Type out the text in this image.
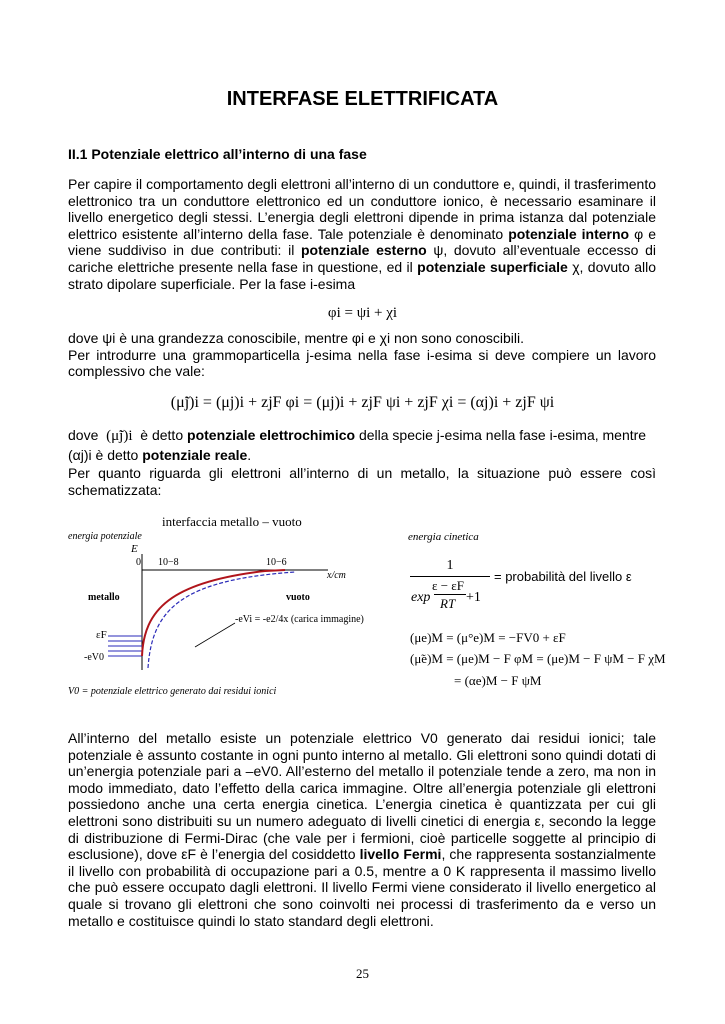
INTERFASE ELETTRIFICATA
II.1 Potenziale elettrico all’interno di una fase
Per capire il comportamento degli elettroni all’interno di un conduttore e, quindi, il trasferimento elettronico tra un conduttore elettronico ed un conduttore ionico, è necessario esaminare il livello energetico degli stessi. L’energia degli elettroni dipende in prima istanza dal potenziale elettrico esistente all’interno della fase. Tale potenziale è denominato potenziale interno φ e viene suddiviso in due contributi: il potenziale esterno ψ, dovuto all’eventuale eccesso di cariche elettriche presente nella fase in questione, ed il potenziale superficiale χ, dovuto allo strato dipolare superficiale. Per la fase i-esima
φi = ψi + χi
dove ψi è una grandezza conoscibile, mentre φi e χi non sono conoscibili.
Per introdurre una grammoparticella j-esima nella fase i-esima si deve compiere un lavoro complessivo che vale:
(μ̃j)i = (μj)i + zjF φi = (μj)i + zjF ψi + zjF χi = (αj)i + zjF ψi
dove (μ̃j)i è detto potenziale elettrochimico della specie j-esima nella fase i-esima, mentre
(αj)i è detto potenziale reale.
Per quanto riguarda gli elettroni all’interno di un metallo, la situazione può essere così schematizzata:
interfaccia metallo – vuoto
energia potenziale
E
0 10−8	10−6
x/cm
metallo	vuoto
εF
-eV0
-eVi = -e2/4x (carica immagine)
V0 = potenziale elettrico generato dai residui ionici
energia cinetica
1
ε − εF
exp	+1
RT
= probabilità del livello ε
(μe)M = (μ°e)M = −FV0 + εF
(μ̃e)M = (μe)M − F φM = (μe)M − F ψM − F χM
= (αe)M − F ψM
All’interno del metallo esiste un potenziale elettrico V0 generato dai residui ionici; tale potenziale è assunto costante in ogni punto interno al metallo. Gli elettroni sono quindi dotati di un’energia potenziale pari a –eV0. All’esterno del metallo il potenziale tende a zero, ma non in modo immediato, dato l’effetto della carica immagine. Oltre all’energia potenziale gli elettroni possiedono anche una certa energia cinetica. L’energia cinetica è quantizzata per cui gli elettroni sono distribuiti su un numero adeguato di livelli cinetici di energia ε, secondo la legge di distribuzione di Fermi-Dirac (che vale per i fermioni, cioè particelle soggette al principio di esclusione), dove εF è l’energia del cosiddetto livello Fermi, che rappresenta sostanzialmente il livello con probabilità di occupazione pari a 0.5, mentre a 0 K rappresenta il massimo livello che può essere occupato dagli elettroni. Il livello Fermi viene considerato il livello energetico al quale si trovano gli elettroni che sono coinvolti nei processi di trasferimento da e verso un metallo e costituisce quindi lo stato standard degli elettroni.
25
